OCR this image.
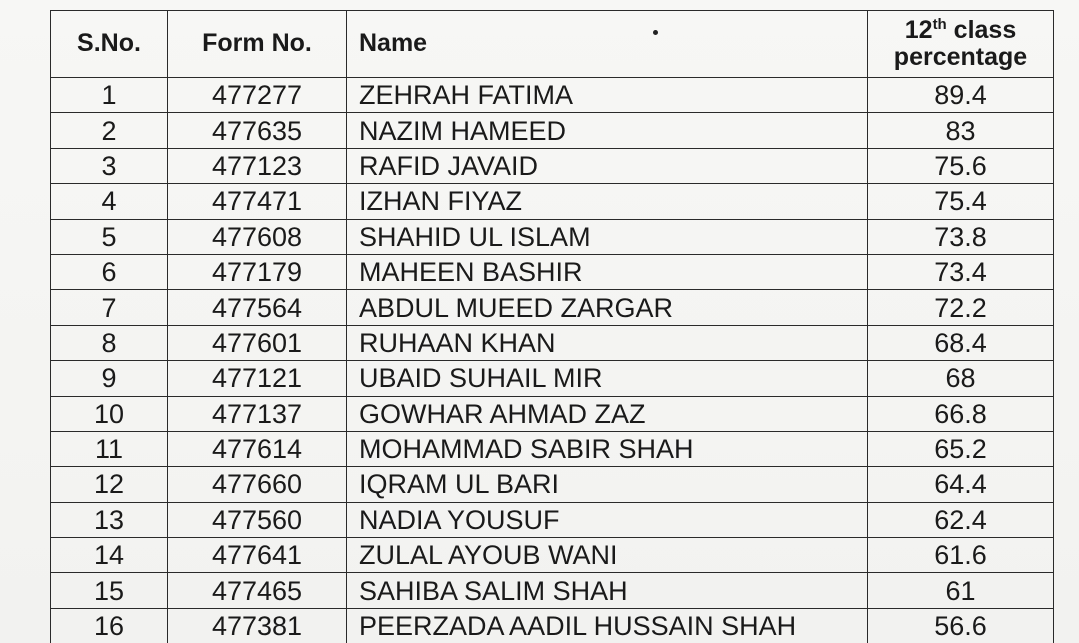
S.No.	Form No.	Name	12th class
percentage
1	477277	ZEHRAH FATIMA	89.4
2	477635	NAZIM HAMEED	83
3	477123	RAFID JAVAID	75.6
4	477471	IZHAN FIYAZ	75.4
5	477608	SHAHID UL ISLAM	73.8
6	477179	MAHEEN BASHIR	73.4
7	477564	ABDUL MUEED ZARGAR	72.2
8	477601	RUHAAN KHAN	68.4
9	477121	UBAID SUHAIL MIR	68
10	477137	GOWHAR AHMAD ZAZ	66.8
11	477614	MOHAMMAD SABIR SHAH	65.2
12	477660	IQRAM UL BARI	64.4
13	477560	NADIA YOUSUF	62.4
14	477641	ZULAL AYOUB WANI	61.6
15	477465	SAHIBA SALIM SHAH	61
16	477381	PEERZADA AADIL HUSSAIN SHAH	56.6
